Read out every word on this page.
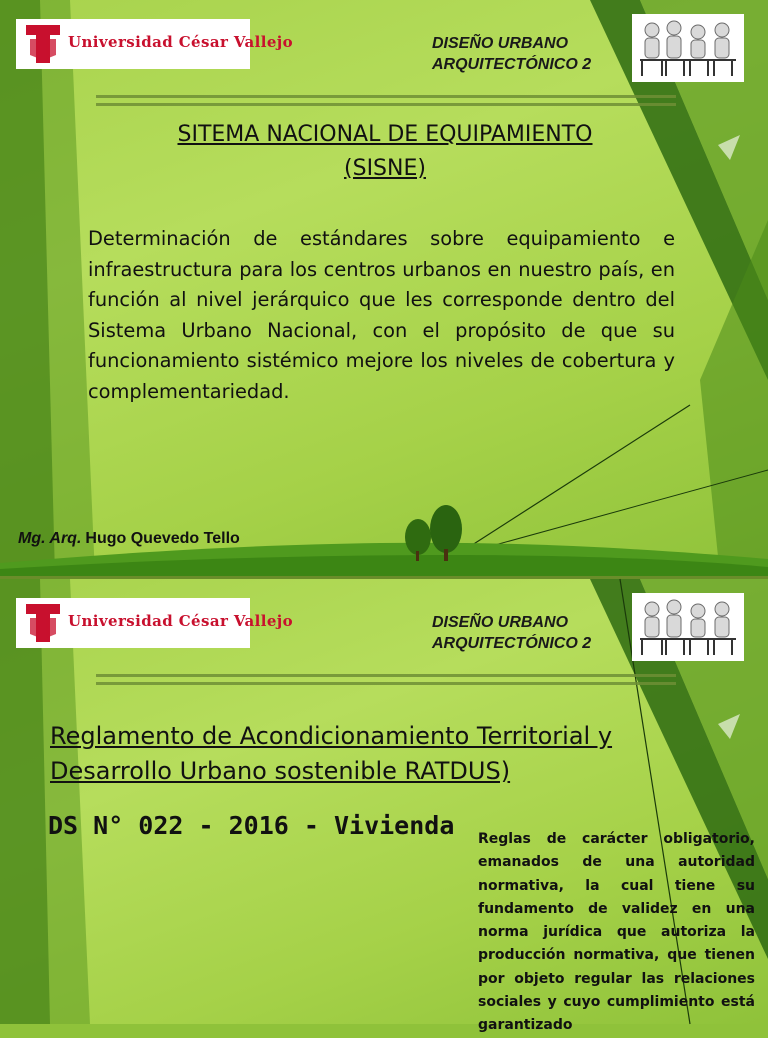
Universidad César Vallejo	DISEÑO URBANO
ARQUITECTÓNICO 2
SITEMA NACIONAL DE EQUIPAMIENTO
(SISNE)
Determinación de estándares sobre equipamiento e infraestructura para los centros urbanos en nuestro país, en función al nivel jerárquico que les corresponde dentro del Sistema Urbano Nacional, con el propósito de que su funcionamiento sistémico mejore los niveles de cobertura y complementariedad.
Mg. Arq. Hugo Quevedo Tello
Universidad César Vallejo	DISEÑO URBANO
ARQUITECTÓNICO 2
Reglamento de Acondicionamiento Territorial y
Desarrollo Urbano sostenible RATDUS)
DS N° 022 - 2016 - Vivienda Reglas de carácter obligatorio, emanados de una autoridad normativa, la cual tiene su fundamento de validez en una norma jurídica que autoriza la producción normativa, que tienen por objeto regular las relaciones sociales y cuyo cumplimiento está garantizado
